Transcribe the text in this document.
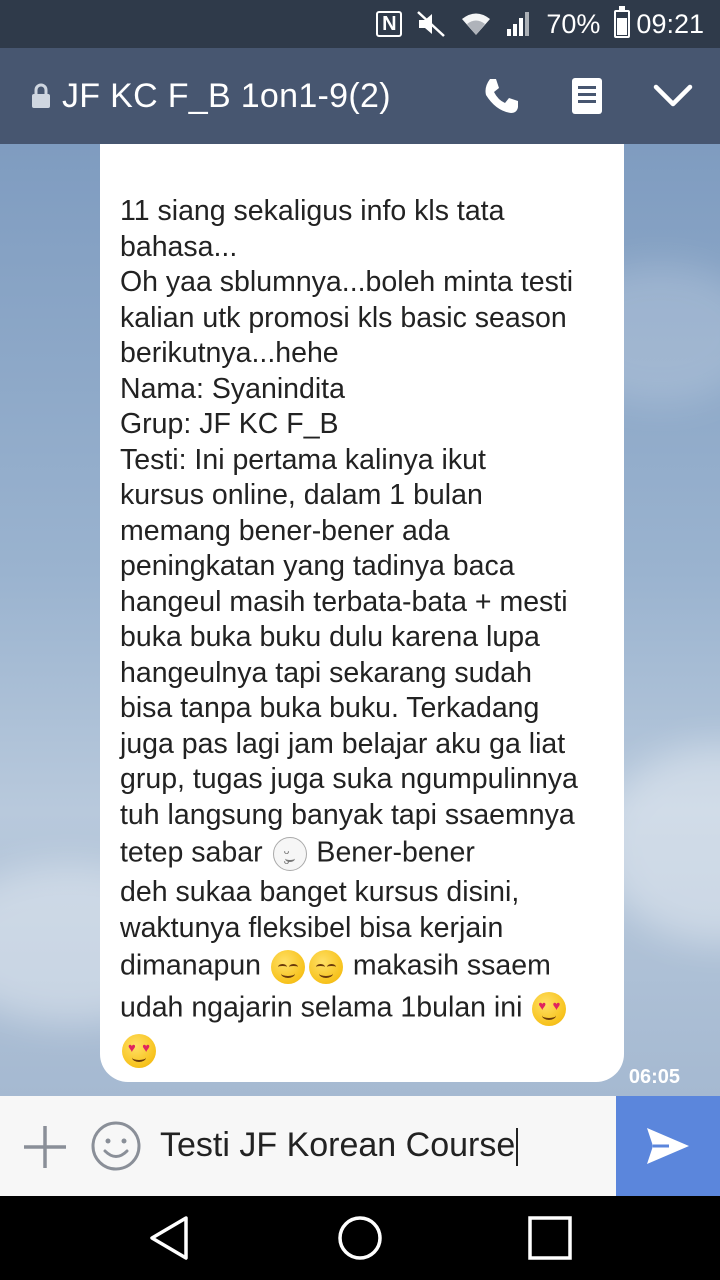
N	70% 09:21
JF KC F_B 1on1-9(2)
11 siang sekaligus info kls tata
bahasa...
Oh yaa sblumnya...boleh minta testi
kalian utk promosi kls basic season
berikutnya...hehe
Nama: Syanindita
Grup: JF KC F_B
Testi: Ini pertama kalinya ikut
kursus online, dalam 1 bulan
memang bener-bener ada
peningkatan yang tadinya baca
hangeul masih terbata-bata + mesti
buka buka buku dulu karena lupa
hangeulnya tapi sekarang sudah
bisa tanpa buka buku. Terkadang
juga pas lagi jam belajar aku ga liat
grup, tugas juga suka ngumpulinnya
tuh langsung banyak tapi ssaemnya
tetep sabar ᴗᴗ Bener-bener
deh sukaa banget kursus disini,
waktunya fleksibel bisa kerjain
dimanapun	makasih ssaem
udah ngajarin selama 1bulan ini ♥
♥
♥
♥
06:05
Testi JF Korean Course
